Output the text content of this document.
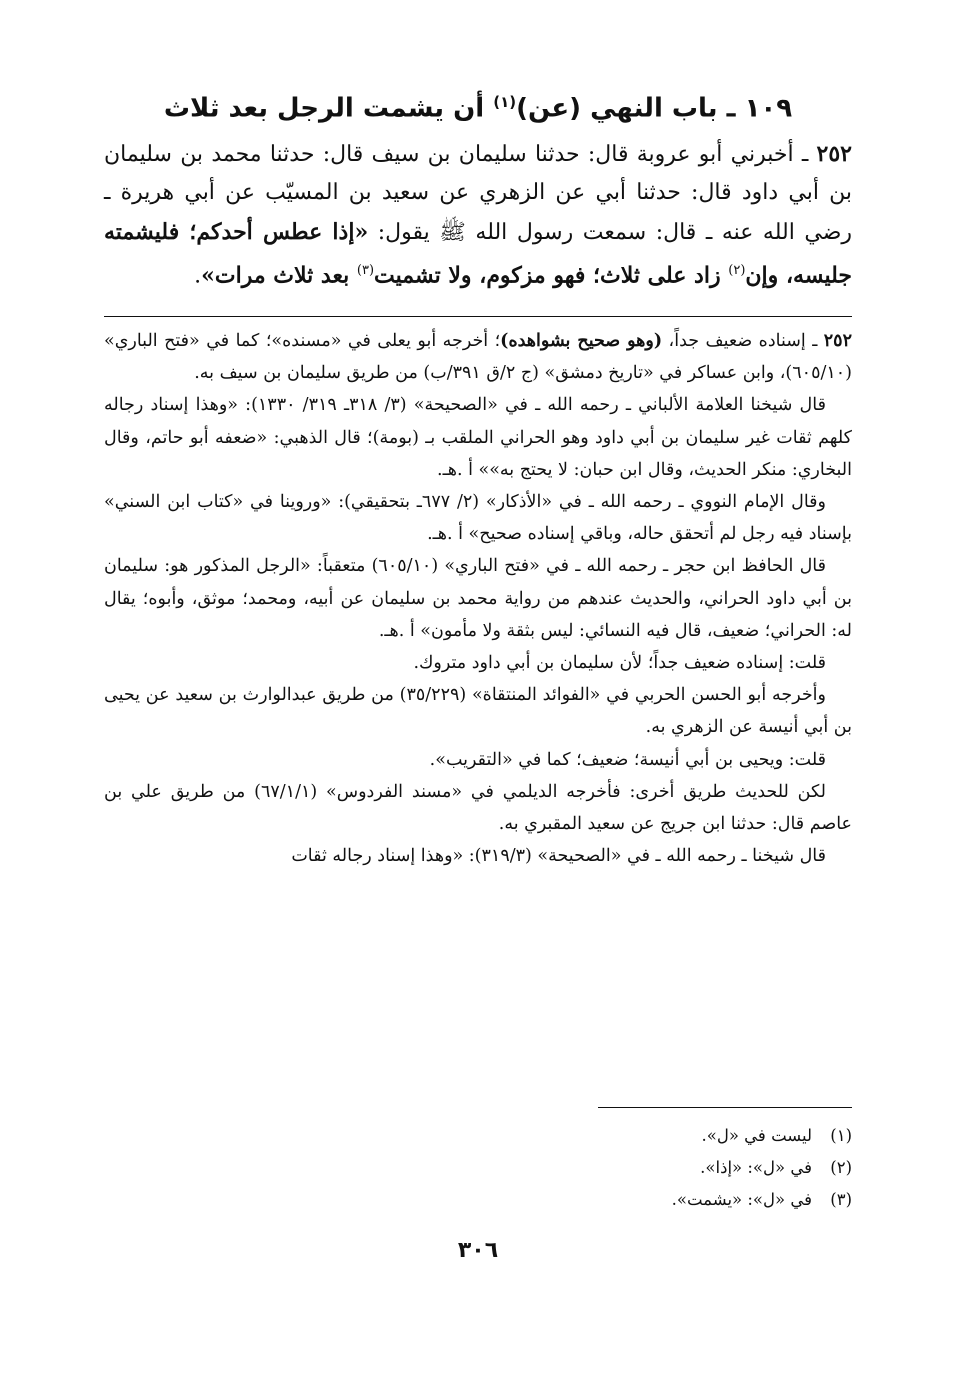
١٠٩ ـ باب النهي (عن)$^{(١)}$ أن يشمت الرجل بعد ثلاث

٢٥٢ ـ أخبرني أبو عروبة قال: حدثنا سليمان بن سيف قال: حدثنا محمد بن سليمان بن أبي داود قال: حدثنا أبي عن الزهري عن سعيد بن المسيّب عن أبي هريرة ـ رضي الله عنه ـ قال: سمعت رسول الله ﷺ يقول: «إذا عطس أحدكم؛ فليشمته جليسه، وإن$^{(٢)}$ زاد على ثلاث؛ فهو مزكوم، ولا تشميت$^{(٣)}$ بعد ثلاث مرات».

٢٥٢ ـ إسناده ضعيف جداً، (وهو صحيح بشواهده)؛ أخرجه أبو يعلى في «مسنده»؛ كما في «فتح الباري» (٦٠٥/١٠)، وابن عساكر في «تاريخ دمشق» (ج ٢/ق ٣٩١/ب) من طريق سليمان بن سيف به.

قال شيخنا العلامة الألباني ـ رحمه الله ـ في «الصحيحة» (٣/ ٣١٨ـ ٣١٩/ ١٣٣٠): «وهذا إسناد رجاله كلهم ثقات غير سليمان بن أبي داود وهو الحراني الملقب بـ (بومة)؛ قال الذهبي: «ضعفه أبو حاتم، وقال البخاري: منكر الحديث، وقال ابن حبان: لا يحتج به»» أ .هـ.

وقال الإمام النووي ـ رحمه الله ـ في «الأذكار» (٢/ ٦٧٧ـ بتحقيقي): «وروينا في «كتاب ابن السني» بإسناد فيه رجل لم أتحقق حاله، وباقي إسناده صحيح» أ .هـ.

قال الحافظ ابن حجر ـ رحمه الله ـ في «فتح الباري» (٦٠٥/١٠) متعقباً: «الرجل المذكور هو: سليمان بن أبي داود الحراني، والحديث عندهم من رواية محمد بن سليمان عن أبيه، ومحمد؛ موثق، وأبوه؛ يقال له: الحراني؛ ضعيف، قال فيه النسائي: ليس بثقة ولا مأمون» أ .هـ.

قلت: إسناده ضعيف جداً؛ لأن سليمان بن أبي داود متروك.

وأخرجه أبو الحسن الحربي في «الفوائد المنتقاة» (٣٥/٢٢٩) من طريق عبدالوارث بن سعيد عن يحيى بن أبي أنيسة عن الزهري به.

قلت: ويحيى بن أبي أنيسة؛ ضعيف؛ كما في «التقريب».

لكن للحديث طريق أخرى: فأخرجه الديلمي في «مسند الفردوس» (٦٧/١/١) من طريق علي بن عاصم قال: حدثنا ابن جريج عن سعيد المقبري به.

قال شيخنا ـ رحمه الله ـ في «الصحيحة» (٣١٩/٣): «وهذا إسناد رجاله ثقات

(١)
ليست في «ل».
(٢)
في «ل»: «إذا».
(٣)
في «ل»: «يشمت».
٣٠٦
